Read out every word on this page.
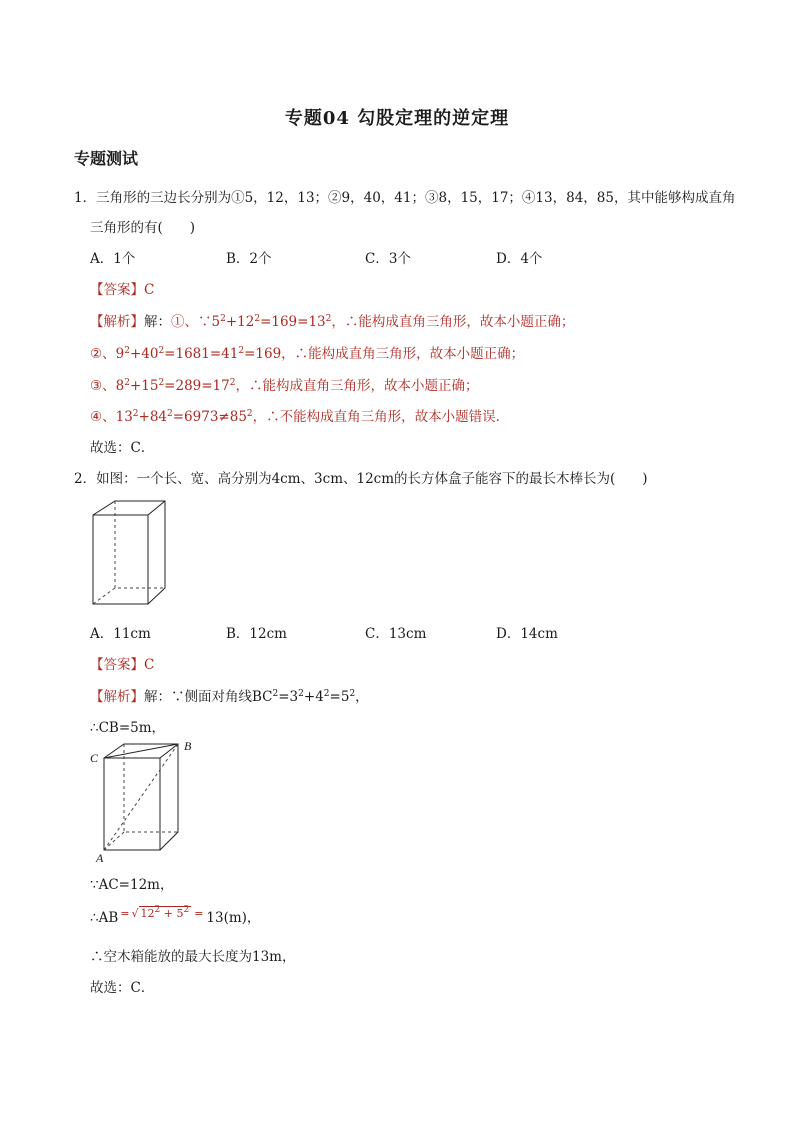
专题04 勾股定理的逆定理
专题测试
1．三角形的三边长分别为①5，12，13；②9，40，41；③8，15，17；④13，84，85，其中能够构成直角
三角形的有(　　)
A．1个	B．2个	C．3个	D．4个
【答案】C
【解析】解：①、$\because 5^2+12^2=169=13^2$，∴能构成直角三角形，故本小题正确；
②、$9^2+40^2=1681=41^2=169$，∴能构成直角三角形，故本小题正确；
③、$8^2+15^2=289=17^2$，∴能构成直角三角形，故本小题正确；
④、$13^2+84^2=6973\ne 85^2$，∴不能构成直角三角形，故本小题错误．
故选：C．
2．如图：一个长、宽、高分别为4cm、3cm、12cm的长方体盒子能容下的最长木棒长为(　　)
A．11cm	B．12cm	C．13cm	D．14cm
【答案】C
【解析】解：∵侧面对角线$BC^2=3^2+4^2=5^2$，
∴CB=5m，
C
B
A
∵AC=12m，
∴AB = $^{√ 12^2 + 5^2}$ = 13(m)，
∴空木箱能放的最大长度为13m，
故选：C．
